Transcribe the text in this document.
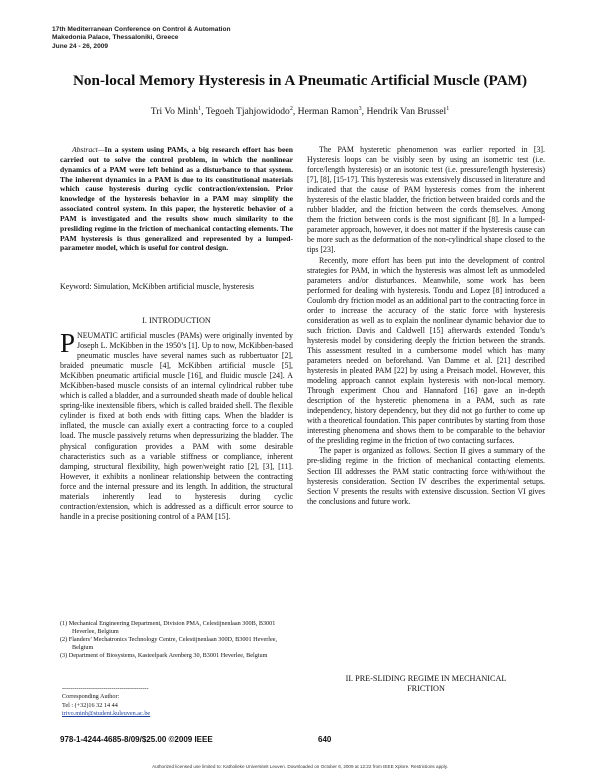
17th Mediterranean Conference on Control & Automation
Makedonia Palace, Thessaloniki, Greece
June 24 - 26, 2009
Non-local Memory Hysteresis in A Pneumatic Artificial Muscle (PAM)
Tri Vo Minh$^1$, Tegoeh Tjahjowidodo$^2$, Herman Ramon$^3$, Hendrik Van Brussel$^1$

Abstract—In a system using PAMs, a big research effort has been carried out to solve the control problem, in which the nonlinear dynamics of a PAM were left behind as a disturbance to that system. The inherent dynamics in a PAM is due to its constitutional materials which cause hysteresis during cyclic contraction/extension. Prior knowledge of the hysteresis behavior in a PAM may simplify the associated control system. In this paper, the hysteretic behavior of a PAM is investigated and the results show much similarity to the presliding regime in the friction of mechanical contacting elements. The PAM hysteresis is thus generalized and represented by a lumped-parameter model, which is useful for control design.

Keyword: Simulation, McKibben artificial muscle, hysteresis
I. INTRODUCTION

PNEUMATIC artificial muscles (PAMs) were originally invented by Joseph L. McKibben in the 1950’s [1]. Up to now, McKibben-based pneumatic muscles have several names such as rubbertuator [2], braided pneumatic muscle [4], McKibben artificial muscle [5], McKibben pneumatic artificial muscle [16], and fluidic muscle [24]. A McKibben-based muscle consists of an internal cylindrical rubber tube which is called a bladder, and a surrounded sheath made of double helical spring-like inextensible fibers, which is called braided shell. The flexible cylinder is fixed at both ends with fitting caps. When the bladder is inflated, the muscle can axially exert a contracting force to a coupled load. The muscle passively returns when depressurizing the bladder. The physical configuration provides a PAM with some desirable characteristics such as a variable stiffness or compliance, inherent damping, structural flexibility, high power/weight ratio [2], [3], [11]. However, it exhibits a nonlinear relationship between the contracting force and the internal pressure and its length. In addition, the structural materials inherently lead to hysteresis during cyclic contraction/extension, which is addressed as a difficult error source to handle in a precise positioning control of a PAM [15].

(1) Mechanical Engineering Department, Division PMA, Celestijnenlaan 300B, B3001 Heverlee, Belgium

(2) Flanders’ Mechatronics Technology Centre, Celestijnenlaan 300D, B3001 Heverlee, Belgium

(3) Department of Biosystems, Kasteelpark Arenberg 30, B3001 Heverlee, Belgium

------------------------------------------
Corresponding Author:
Tel : (+32)16 32 14 44
trivo.minh@student.kuleuven.ac.be

The PAM hysteretic phenomenon was earlier reported in [3]. Hysteresis loops can be visibly seen by using an isometric test (i.e. force/length hysteresis) or an isotonic test (i.e. pressure/length hysteresis) [7], [8], [15-17]. This hysteresis was extensively discussed in literature and indicated that the cause of PAM hysteresis comes from the inherent hysteresis of the elastic bladder, the friction between braided cords and the rubber bladder, and the friction between the cords themselves. Among them the friction between cords is the most significant [8]. In a lumped-parameter approach, however, it does not matter if the hysteresis cause can be more such as the deformation of the non-cylindrical shape closed to the tips [23].

Recently, more effort has been put into the development of control strategies for PAM, in which the hysteresis was almost left as unmodeled parameters and/or disturbances. Meanwhile, some work has been performed for dealing with hysteresis. Tondu and Lopez [8] introduced a Coulomb dry friction model as an additional part to the contracting force in order to increase the accuracy of the static force with hysteresis consideration as well as to explain the nonlinear dynamic behavior due to such friction. Davis and Caldwell [15] afterwards extended Tondu’s hysteresis model by considering deeply the friction between the strands. This assessment resulted in a cumbersome model which has many parameters needed on beforehand. Van Damme et al. [21] described hysteresis in pleated PAM [22] by using a Preisach model. However, this modeling approach cannot explain hysteresis with non-local memory. Through experiment Chou and Hannaford [16] gave an in-depth description of the hysteretic phenomena in a PAM, such as rate independency, history dependency, but they did not go further to come up with a theoretical foundation. This paper contributes by starting from those interesting phenomena and shows them to be comparable to the behavior of the presliding regime in the friction of two contacting surfaces.

The paper is organized as follows. Section II gives a summary of the pre-sliding regime in the friction of mechanical contacting elements. Section III addresses the PAM static contracting force with/without the hysteresis consideration. Section IV describes the experimental setups. Section V presents the results with extensive discussion. Section VI gives the conclusions and future work.

II. PRE-SLIDING REGIME IN MECHANICAL
FRICTION
978-1-4244-4685-8/09/$25.00 ©2009 IEEE	640
Authorized licensed use limited to: Katholieke Universiteit Leuven. Downloaded on October 6, 2009 at 12:22 from IEEE Xplore. Restrictions apply.
